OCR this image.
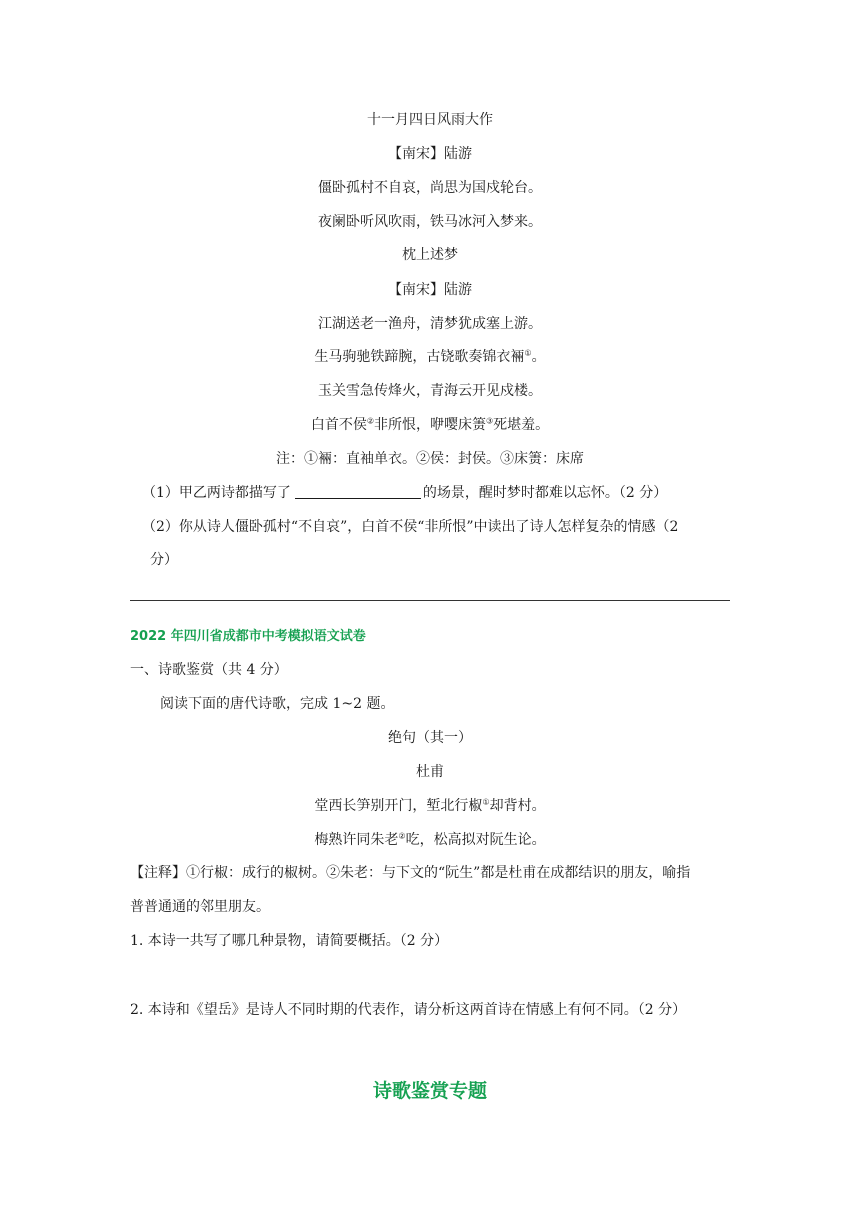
十一月四日风雨大作
【南宋】陆游
僵卧孤村不自哀，尚思为国戍轮台。
夜阑卧听风吹雨，铁马冰河入梦来。
枕上述梦
【南宋】陆游
江湖送老一渔舟，清梦犹成塞上游。
生马驹驰铁蹄腕，古铙歌奏锦衣裲①。
玉关雪急传烽火，青海云开见戍楼。
白首不侯②非所恨，咿嘤床箦③死堪羞。
注：①裲：直袖单衣。②侯：封侯。③床箦：床席
（1）甲乙两诗都描写了	的场景，醒时梦时都难以忘怀。（2 分）
（2）你从诗人僵卧孤村“不自哀”，白首不侯“非所恨”中读出了诗人怎样复杂的情感（2
分）
2022 年四川省成都市中考模拟语文试卷
一、诗歌鉴赏（共 4 分）
阅读下面的唐代诗歌，完成 1~2 题。
绝句（其一）
杜甫
堂西长笋别开门，堑北行椒①却背村。
梅熟许同朱老②吃，松高拟对阮生论。
【注释】①行椒：成行的椒树。②朱老：与下文的“阮生”都是杜甫在成都结识的朋友，喻指
普普通通的邻里朋友。
1. 本诗一共写了哪几种景物，请简要概括。（2 分）
2. 本诗和《望岳》是诗人不同时期的代表作，请分析这两首诗在情感上有何不同。（2 分）
诗歌鉴赏专题
